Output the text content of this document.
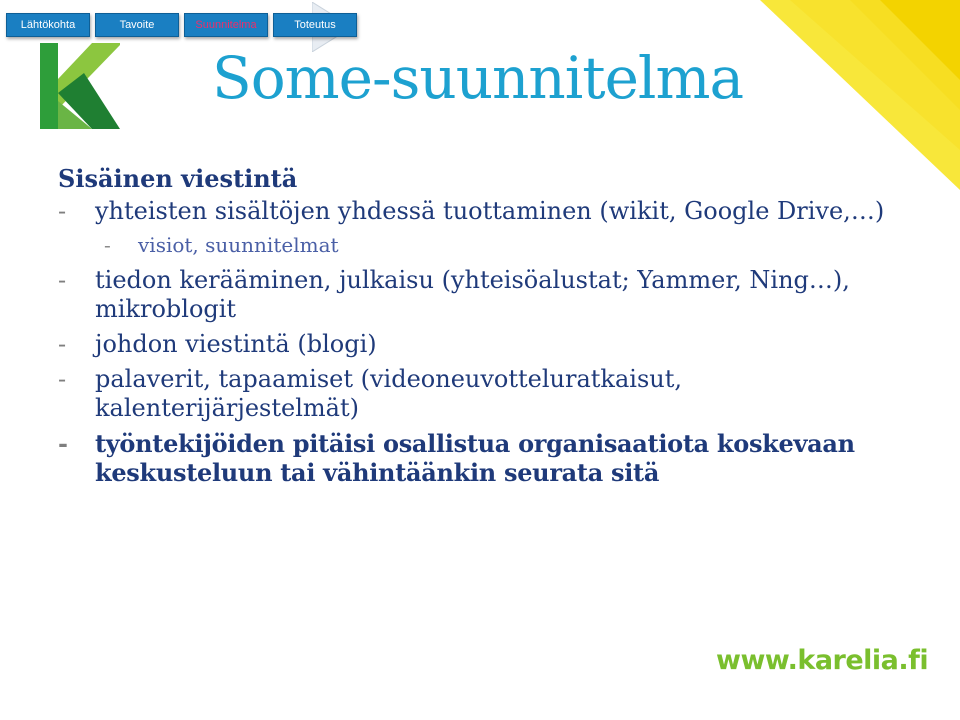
Lähtökohta	Tavoite	Suunnitelma	Toteutus
Some-suunnitelma
Sisäinen viestintä
- yhteisten sisältöjen yhdessä tuottaminen (wikit, Google Drive,…)
- visiot, suunnitelmat
- tiedon kerääminen, julkaisu (yhteisöalustat; Yammer, Ning…), mikroblogit
- johdon viestintä (blogi)
- palaverit, tapaamiset (videoneuvotteluratkaisut, kalenterijärjestelmät)
- työntekijöiden pitäisi osallistua organisaatiota koskevaan keskusteluun tai vähintäänkin seurata sitä
www.karelia.fi
